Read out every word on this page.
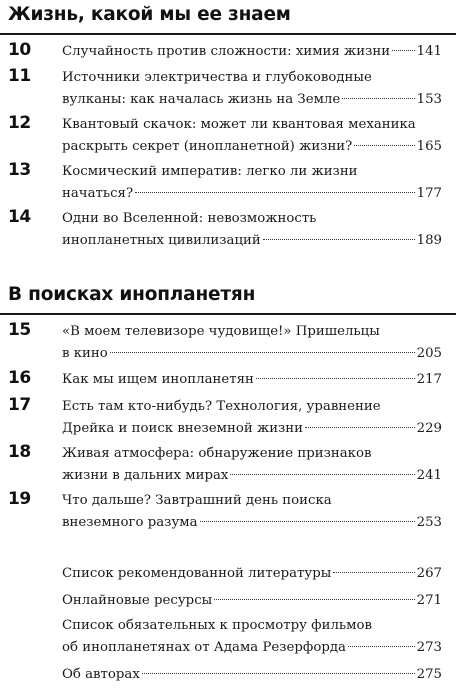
Жизнь, какой мы ее знаем
10 Случайность против сложности: химия жизни 141
11 Источники электричества и глубоководные
вулканы: как началась жизнь на Земле	153
12 Квантовый скачок: может ли квантовая механика
раскрыть секрет (инопланетной) жизни?	165
13 Космический императив: легко ли жизни
начаться?	177
14 Одни во Вселенной: невозможность
инопланетных цивилизаций	189
В поисках инопланетян
15 «В моем телевизоре чудовище!» Пришельцы
в кино	205
16 Как мы ищем инопланетян	217
17 Есть там кто-нибудь? Технология, уравнение
Дрейка и поиск внеземной жизни	229
18 Живая атмосфера: обнаружение признаков
жизни в дальних мирах	241
19 Что дальше? Завтрашний день поиска
внеземного разума	253
Список рекомендованной литературы	267
Онлайновые ресурсы	271
Список обязательных к просмотру фильмов
об инопланетянах от Адама Резерфорда	273
Об авторах	275
